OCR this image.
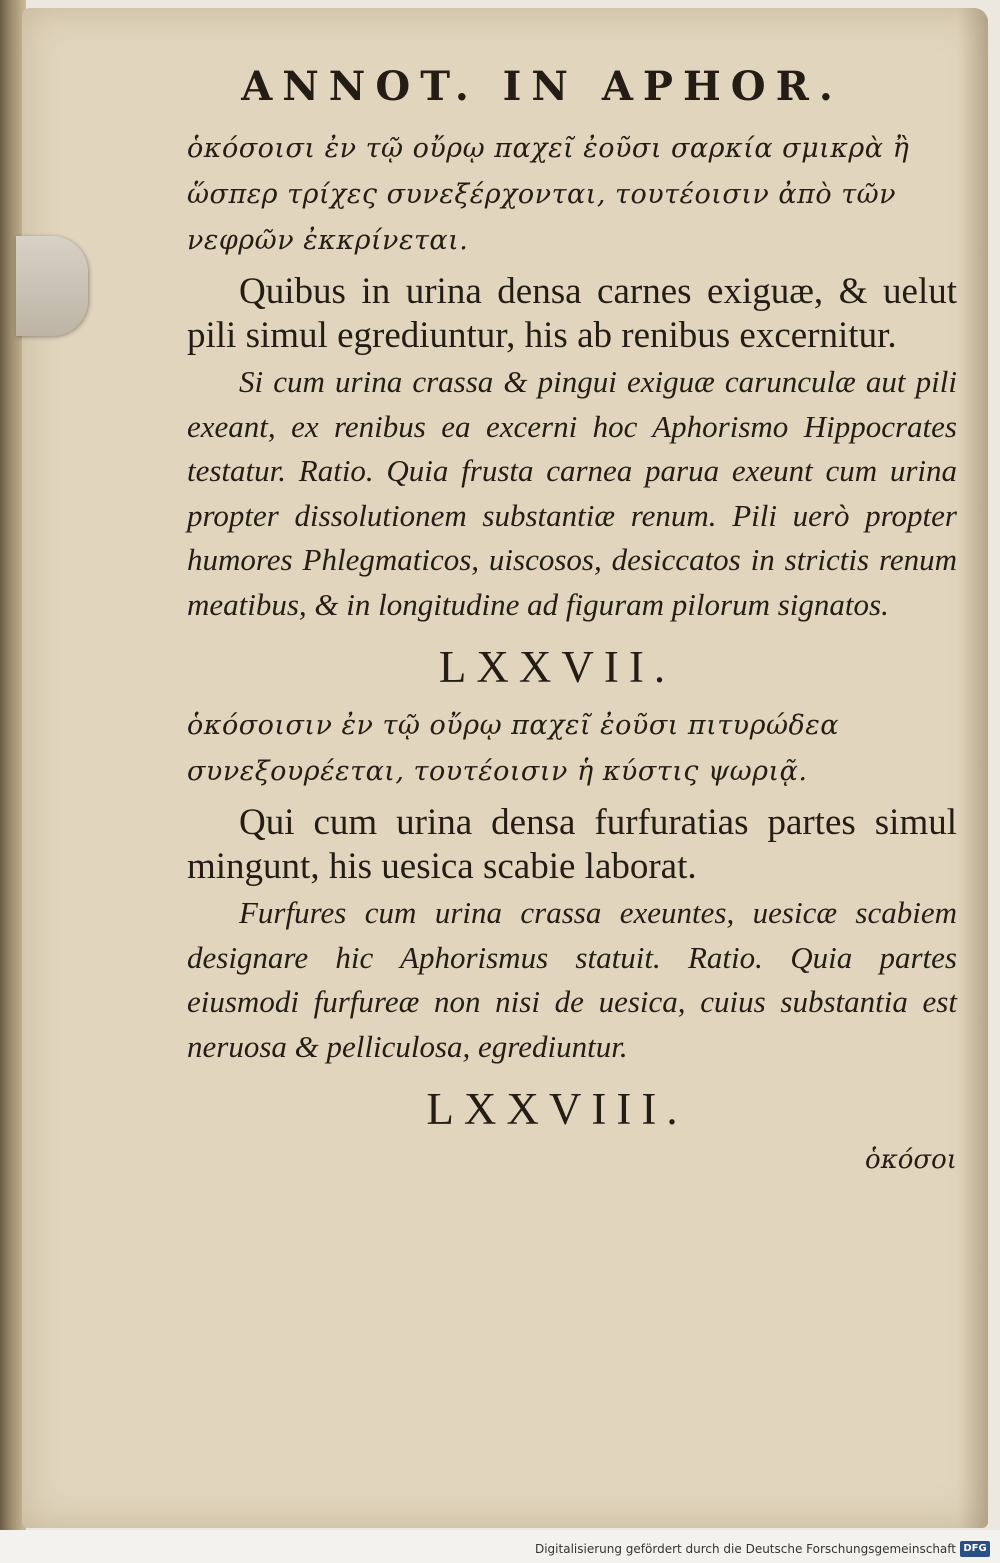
ANNOT. IN APHOR.

ὁκόσοισι ἐν τῷ οὔρῳ παχεῖ ἐοῦσι σαρκία σμικρὰ ἢ ὥσπερ τρίχες συνεξέρχονται, τουτέοισιν ἀπὸ τῶν νεφρῶν ἐκκρίνεται.

Quibus in urina densa carnes exiguæ, & uelut pili simul egrediuntur, his ab renibus excernitur.

Si cum urina crassa & pingui exiguæ carunculæ aut pili exeant, ex renibus ea excerni hoc Aphorismo Hippocrates testatur. Ratio. Quia frusta carnea parua exeunt cum urina propter dissolutionem substantiæ renum. Pili uerò propter humores Phlegmaticos, uiscosos, desiccatos in strictis renum meatibus, & in longitudine ad figuram pilorum signatos.

LXXVII.

ὁκόσοισιν ἐν τῷ οὔρῳ παχεῖ ἐοῦσι πιτυρώδεα συνεξουρέεται, τουτέοισιν ἡ κύστις ψωριᾷ.

Qui cum urina densa furfuratias partes simul mingunt, his uesica scabie laborat.

Furfures cum urina crassa exeuntes, uesicæ scabiem designare hic Aphorismus statuit. Ratio. Quia partes eiusmodi furfureæ non nisi de uesica, cuius substantia est neruosa & pelliculosa, egrediuntur.

LXXVIII.
ὁκόσοι
Digitalisierung gefördert durch die Deutsche Forschungsgemeinschaft DFG
